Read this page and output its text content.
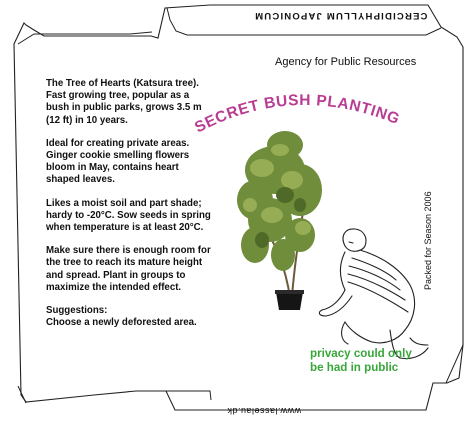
CERCIDIPHYLLUM JAPONICUM
www.lasselau.dk
Agency for Public Resources
SECRET BUSH PLANTING
Packed for Season 2006

The Tree of Hearts (Katsura tree). Fast growing tree, popular as a bush in public parks, grows 3.5 m (12 ft) in 10 years.

Ideal for creating private areas. Ginger cookie smelling flowers bloom in May, contains heart shaped leaves.

Likes a moist soil and part shade; hardy to -20°C. Sow seeds in spring when temperature is at least 20°C.

Make sure there is enough room for the tree to reach its mature height and spread. Plant in groups to maximize the intended effect.

Suggestions:
Choose a newly deforested area.

privacy could only
be had in public
